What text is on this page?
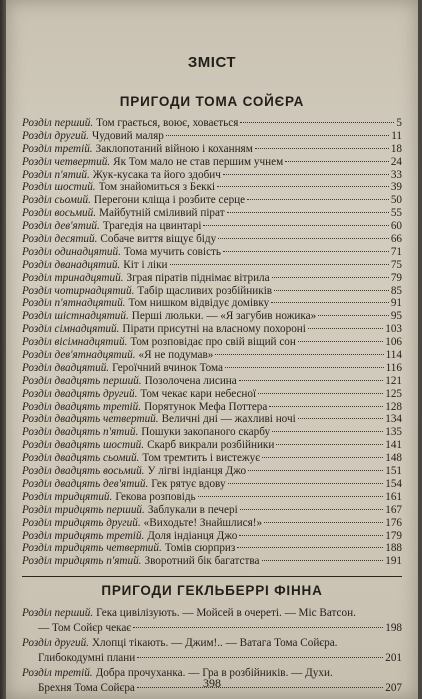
ЗМІСТ
ПРИГОДИ ТОМА СОЙЄРА
Розділ перший. Том грається, воює, ховається	5
Розділ другий. Чудовий маляр	11
Розділ третій. Заклопотаний війною і коханням	18
Розділ четвертий. Як Том мало не став першим учнем	24
Розділ п'ятий. Жук-кусака та його здобич	33
Розділ шостий. Том знайомиться з Беккі	39
Розділ сьомий. Перегони кліща і розбите серце	50
Розділ восьмий. Майбутній сміливий пірат	55
Розділ дев'ятий. Трагедія на цвинтарі	60
Розділ десятий. Собаче виття віщує біду	66
Розділ одинадцятий. Тома мучить совість	71
Розділ дванадцятий. Кіт і ліки	75
Розділ тринадцятий. Зграя піратів піднімає вітрила	79
Розділ чотирнадцятий. Табір щасливих розбійників	85
Розділ п'ятнадцятий. Том нишком відвідує домівку	91
Розділ шістнадцятий. Перші люльки. — «Я загубив ножика»	95
Розділ сімнадцятий. Пірати присутні на власному похороні	103
Розділ вісімнадцятий. Том розповідає про свій віщий сон	106
Розділ дев'ятнадцятий. «Я не подумав»	114
Розділ двадцятий. Героїчний вчинок Тома	116
Розділ двадцять перший. Позолочена лисина	121
Розділ двадцять другий. Том чекає кари небесної	125
Розділ двадцять третій. Порятунок Мефа Поттера	128
Розділ двадцять четвертий. Величні дні — жахливі ночі	134
Розділ двадцять п'ятий. Пошуки закопаного скарбу	135
Розділ двадцять шостий. Скарб викрали розбійники	141
Розділ двадцять сьомий. Том тремтить і вистежує	148
Розділ двадцять восьмий. У лігві індіанця Джо	151
Розділ двадцять дев'ятий. Гек рятує вдову	154
Розділ тридцятий. Гекова розповідь	161
Розділ тридцять перший. Заблукали в печері	167
Розділ тридцять другий. «Виходьте! Знайшлися!»	176
Розділ тридцять третій. Доля індіанця Джо	179
Розділ тридцять четвертий. Томів сюрприз	188
Розділ тридцять п'ятий. Зворотний бік багатства	191
ПРИГОДИ ГЕКЛЬБЕРРІ ФІННА
Розділ перший. Гека цивілізують. — Мойсей в очереті. — Міс Ватсон.
— Том Сойєр чекає	198
Розділ другий. Хлопці тікають. — Джим!.. — Ватага Тома Сойєра.
Глибокодумні плани	201
Розділ третій. Добра прочуханка. — Гра в розбійників. — Духи.
Брехня Тома Сойєра	207
398
